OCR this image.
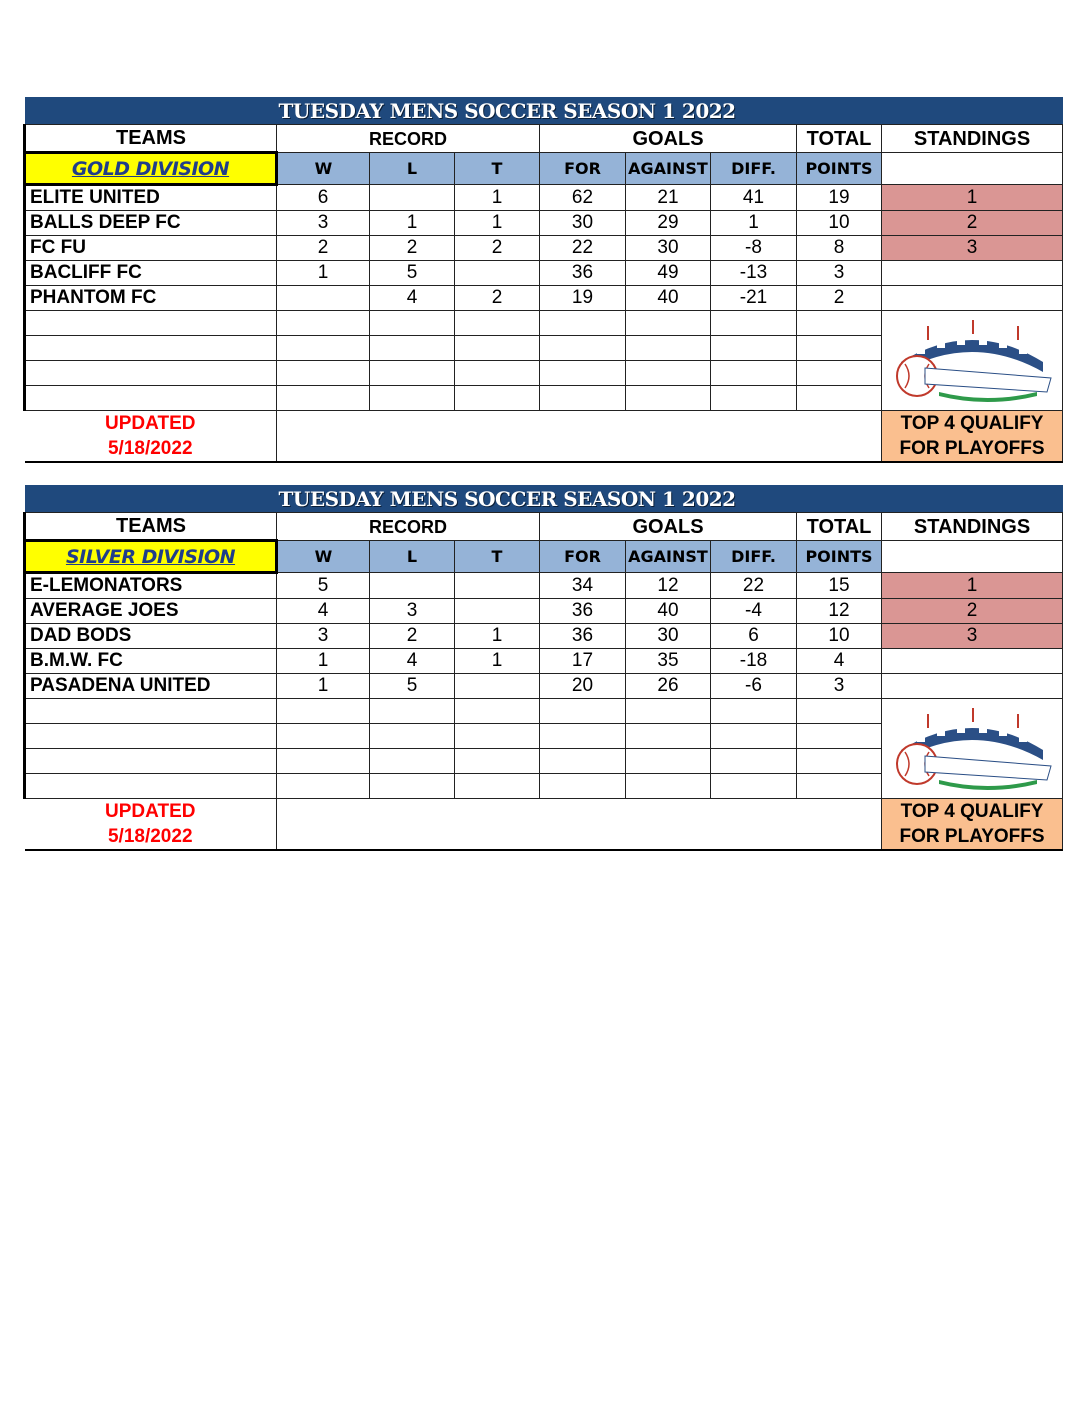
TUESDAY MENS SOCCER SEASON 1 2022								
TEAMS	RECORD			GOALS			TOTAL	STANDINGS
GOLD DIVISION	W	L	T	FOR	AGAINST	DIFF.	POINTS	
ELITE UNITED	6		1	62	21	41	19	1
BALLS DEEP FC	3	1	1	30	29	1	10	2
FC FU	2	2	2	22	30	-8	8	3
BACLIFF FC	1	5		36	49	-13	3	
PHANTOM FC		4	2	19	40	-21	2	

UPDATED								TOP 4 QUALIFY
5/18/2022								FOR PLAYOFFS
TUESDAY MENS SOCCER SEASON 1 2022								
TEAMS	RECORD			GOALS			TOTAL	STANDINGS
SILVER DIVISION	W	L	T	FOR	AGAINST	DIFF.	POINTS	
E-LEMONATORS	5			34	12	22	15	1
AVERAGE JOES	4	3		36	40	-4	12	2
DAD BODS	3	2	1	36	30	6	10	3
B.M.W. FC	1	4	1	17	35	-18	4	
PASADENA UNITED	1	5		20	26	-6	3	

UPDATED								TOP 4 QUALIFY
5/18/2022								FOR PLAYOFFS
